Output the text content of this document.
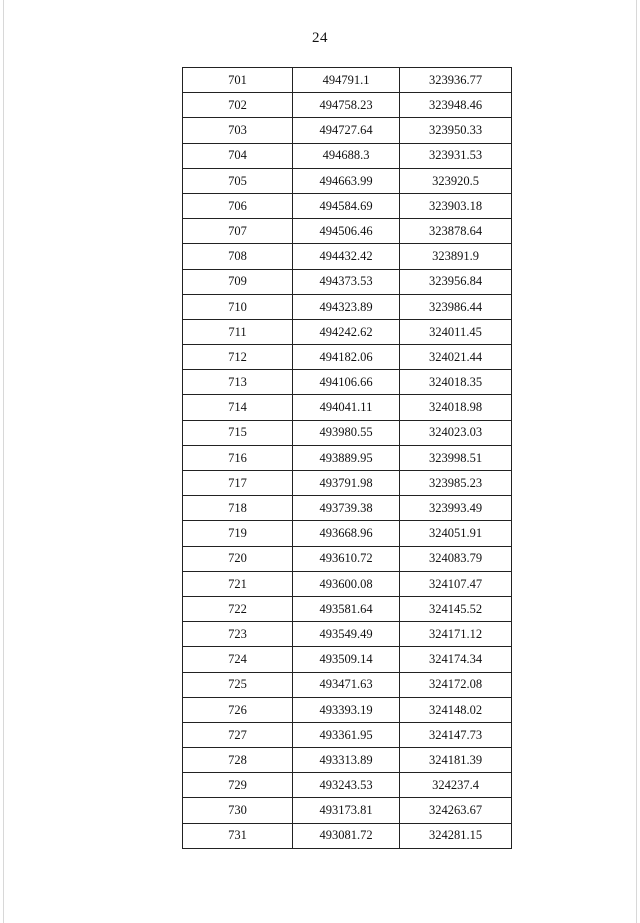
24
701	494791.1	323936.77
702	494758.23	323948.46
703	494727.64	323950.33
704	494688.3	323931.53
705	494663.99	323920.5
706	494584.69	323903.18
707	494506.46	323878.64
708	494432.42	323891.9
709	494373.53	323956.84
710	494323.89	323986.44
711	494242.62	324011.45
712	494182.06	324021.44
713	494106.66	324018.35
714	494041.11	324018.98
715	493980.55	324023.03
716	493889.95	323998.51
717	493791.98	323985.23
718	493739.38	323993.49
719	493668.96	324051.91
720	493610.72	324083.79
721	493600.08	324107.47
722	493581.64	324145.52
723	493549.49	324171.12
724	493509.14	324174.34
725	493471.63	324172.08
726	493393.19	324148.02
727	493361.95	324147.73
728	493313.89	324181.39
729	493243.53	324237.4
730	493173.81	324263.67
731	493081.72	324281.15
